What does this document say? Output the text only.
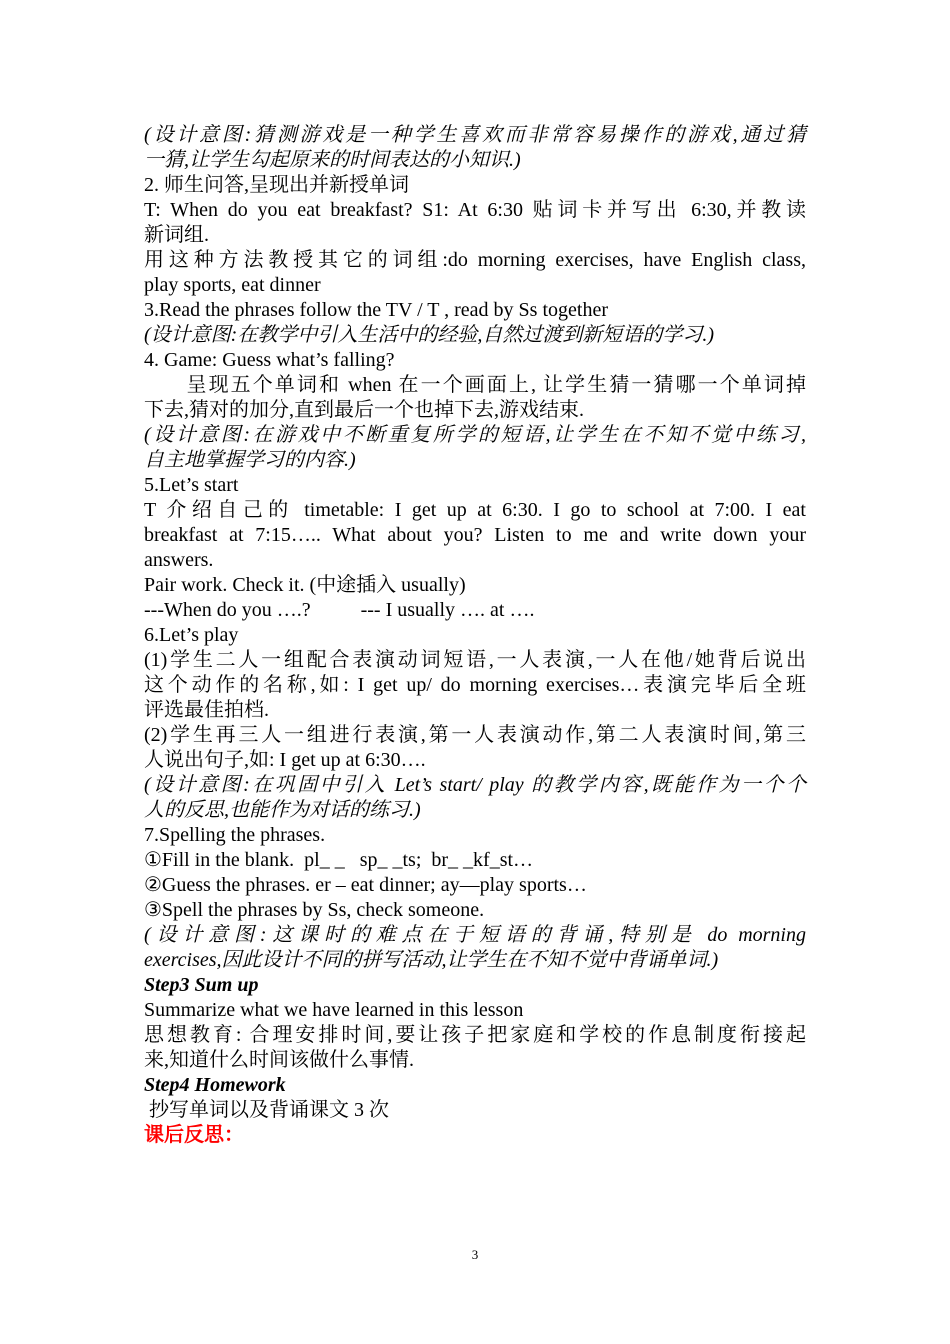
(设计意图:猜测游戏是一种学生喜欢而非常容易操作的游戏,通过猜
一猜,让学生勾起原来的时间表达的小知识.)
2. 师生问答,呈现出并新授单词
T: When do you eat breakfast? S1: At 6:30 贴词卡并写出 6:30,并教读
新词组.
用这种方法教授其它的词组:do morning exercises, have English class,
play sports, eat dinner
3.Read the phrases follow the TV / T , read by Ss together
(设计意图:在教学中引入生活中的经验,自然过渡到新短语的学习.)
4. Game: Guess what’s falling?
呈现五个单词和 when 在一个画面上, 让学生猜一猜哪一个单词掉
下去,猜对的加分,直到最后一个也掉下去,游戏结束.
(设计意图:在游戏中不断重复所学的短语,让学生在不知不觉中练习,
自主地掌握学习的内容.)
5.Let’s start
T 介绍自己的 timetable: I get up at 6:30. I go to school at 7:00. I eat
breakfast at 7:15….. What about you? Listen to me and write down your
answers.
Pair work. Check it. (中途插入 usually)
---When do you ….?          --- I usually …. at ….
6.Let’s play
(1)学生二人一组配合表演动词短语,一人表演,一人在他/她背后说出
这个动作的名称,如: I get up/ do morning exercises…表演完毕后全班
评选最佳拍档.
(2)学生再三人一组进行表演,第一人表演动作,第二人表演时间,第三
人说出句子,如: I get up at 6:30….
(设计意图:在巩固中引入 Let’s start/ play 的教学内容,既能作为一个个
人的反思,也能作为对话的练习.)
7.Spelling the phrases.
①Fill in the blank.  pl_ _   sp_ _ts;  br_ _kf_st…
②Guess the phrases. er – eat dinner; ay—play sports…
③Spell the phrases by Ss, check someone.
(设计意图:这课时的难点在于短语的背诵,特别是 do morning
exercises,因此设计不同的拼写活动,让学生在不知不觉中背诵单词.)
Step3 Sum up
Summarize what we have learned in this lesson
思想教育: 合理安排时间,要让孩子把家庭和学校的作息制度衔接起
来,知道什么时间该做什么事情.
Step4 Homework
抄写单词以及背诵课文 3 次
课后反思：
3
